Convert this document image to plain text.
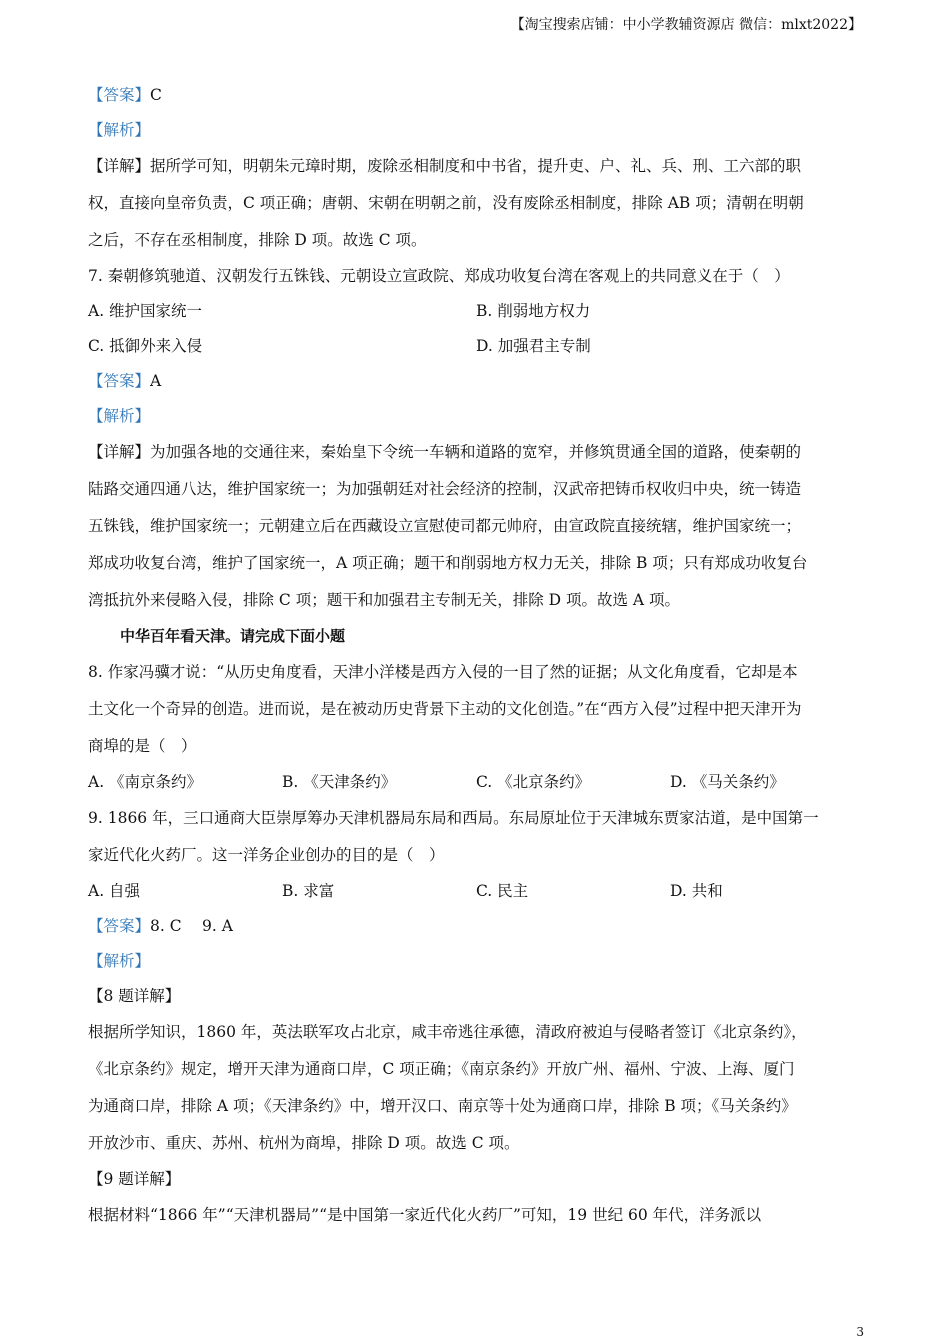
【淘宝搜索店铺：中小学教辅资源店 微信：mlxt2022】
【答案】C
【解析】
【详解】据所学可知，明朝朱元璋时期，废除丞相制度和中书省，提升吏、户、礼、兵、刑、工六部的职
权，直接向皇帝负责，C 项正确；唐朝、宋朝在明朝之前，没有废除丞相制度，排除 AB 项；清朝在明朝
之后，不存在丞相制度，排除 D 项。故选 C 项。
7. 秦朝修筑驰道、汉朝发行五铢钱、元朝设立宣政院、郑成功收复台湾在客观上的共同意义在于（　）
A. 维护国家统一	B. 削弱地方权力
C. 抵御外来入侵	D. 加强君主专制
【答案】A
【解析】
【详解】为加强各地的交通往来，秦始皇下令统一车辆和道路的宽窄，并修筑贯通全国的道路，使秦朝的
陆路交通四通八达，维护国家统一；为加强朝廷对社会经济的控制，汉武帝把铸币权收归中央，统一铸造
五铢钱，维护国家统一；元朝建立后在西藏设立宣慰使司都元帅府，由宣政院直接统辖，维护国家统一；
郑成功收复台湾，维护了国家统一，A 项正确；题干和削弱地方权力无关，排除 B 项；只有郑成功收复台
湾抵抗外来侵略入侵，排除 C 项；题干和加强君主专制无关，排除 D 项。故选 A 项。
中华百年看天津。请完成下面小题
8. 作家冯骥才说：“从历史角度看，天津小洋楼是西方入侵的一目了然的证据；从文化角度看，它却是本
土文化一个奇异的创造。进而说，是在被动历史背景下主动的文化创造。”在“西方入侵”过程中把天津开为
商埠的是（　）
A. 《南京条约》	B. 《天津条约》	C. 《北京条约》	D. 《马关条约》
9. 1866 年，三口通商大臣崇厚筹办天津机器局东局和西局。东局原址位于天津城东贾家沽道，是中国第一
家近代化火药厂。这一洋务企业创办的目的是（　）
A. 自强	B. 求富	C. 民主	D. 共和
【答案】8. C　 9. A
【解析】
【8 题详解】
根据所学知识，1860 年，英法联军攻占北京，咸丰帝逃往承德，清政府被迫与侵略者签订《北京条约》，
《北京条约》规定，增开天津为通商口岸，C 项正确；《南京条约》开放广州、福州、宁波、上海、厦门
为通商口岸，排除 A 项；《天津条约》中，增开汉口、南京等十处为通商口岸，排除 B 项；《马关条约》
开放沙市、重庆、苏州、杭州为商埠，排除 D 项。故选 C 项。
【9 题详解】
根据材料“1866 年”“天津机器局”“是中国第一家近代化火药厂”可知，19 世纪 60 年代，洋务派以
3
